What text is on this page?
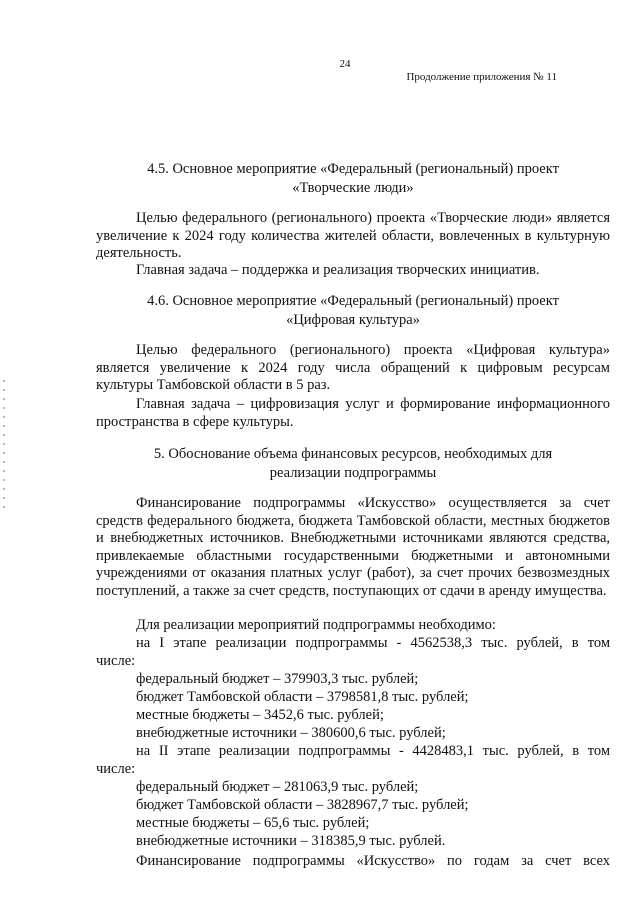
24
Продолжение приложения № 11
4.5. Основное мероприятие «Федеральный (региональный) проект
«Творческие люди»

Целью федерального (регионального) проекта «Творческие люди» является увеличение к 2024 году количества жителей области, вовлеченных в культурную деятельность.

Главная задача – поддержка и реализация творческих инициатив.

4.6. Основное мероприятие «Федеральный (региональный) проект
«Цифровая культура»

Целью федерального (регионального) проекта «Цифровая культура» является увеличение к 2024 году числа обращений к цифровым ресурсам культуры Тамбовской области в 5 раз.

Главная задача – цифровизация услуг и формирование информационного пространства в сфере культуры.

5. Обоснование объема финансовых ресурсов, необходимых для
реализации подпрограммы

Финансирование подпрограммы «Искусство» осуществляется за счет средств федерального бюджета, бюджета Тамбовской области, местных бюджетов и внебюджетных источников. Внебюджетными источниками являются средства, привлекаемые областными государственными бюджетными и автономными учреждениями от оказания платных услуг (работ), за счет прочих безвозмездных поступлений, а также за счет средств, поступающих от сдачи в аренду имущества.

Для реализации мероприятий подпрограммы необходимо:
на I этапе реализации подпрограммы - 4562538,3 тыс. рублей, в том
числе:
федеральный бюджет – 379903,3 тыс. рублей;
бюджет Тамбовской области – 3798581,8 тыс. рублей;
местные бюджеты – 3452,6 тыс. рублей;
внебюджетные источники – 380600,6 тыс. рублей;
на II этапе реализации подпрограммы - 4428483,1 тыс. рублей, в том
числе:
федеральный бюджет – 281063,9 тыс. рублей;
бюджет Тамбовской области – 3828967,7 тыс. рублей;
местные бюджеты – 65,6 тыс. рублей;
внебюджетные источники – 318385,9 тыс. рублей.
Финансирование подпрограммы «Искусство» по годам за счет всех
